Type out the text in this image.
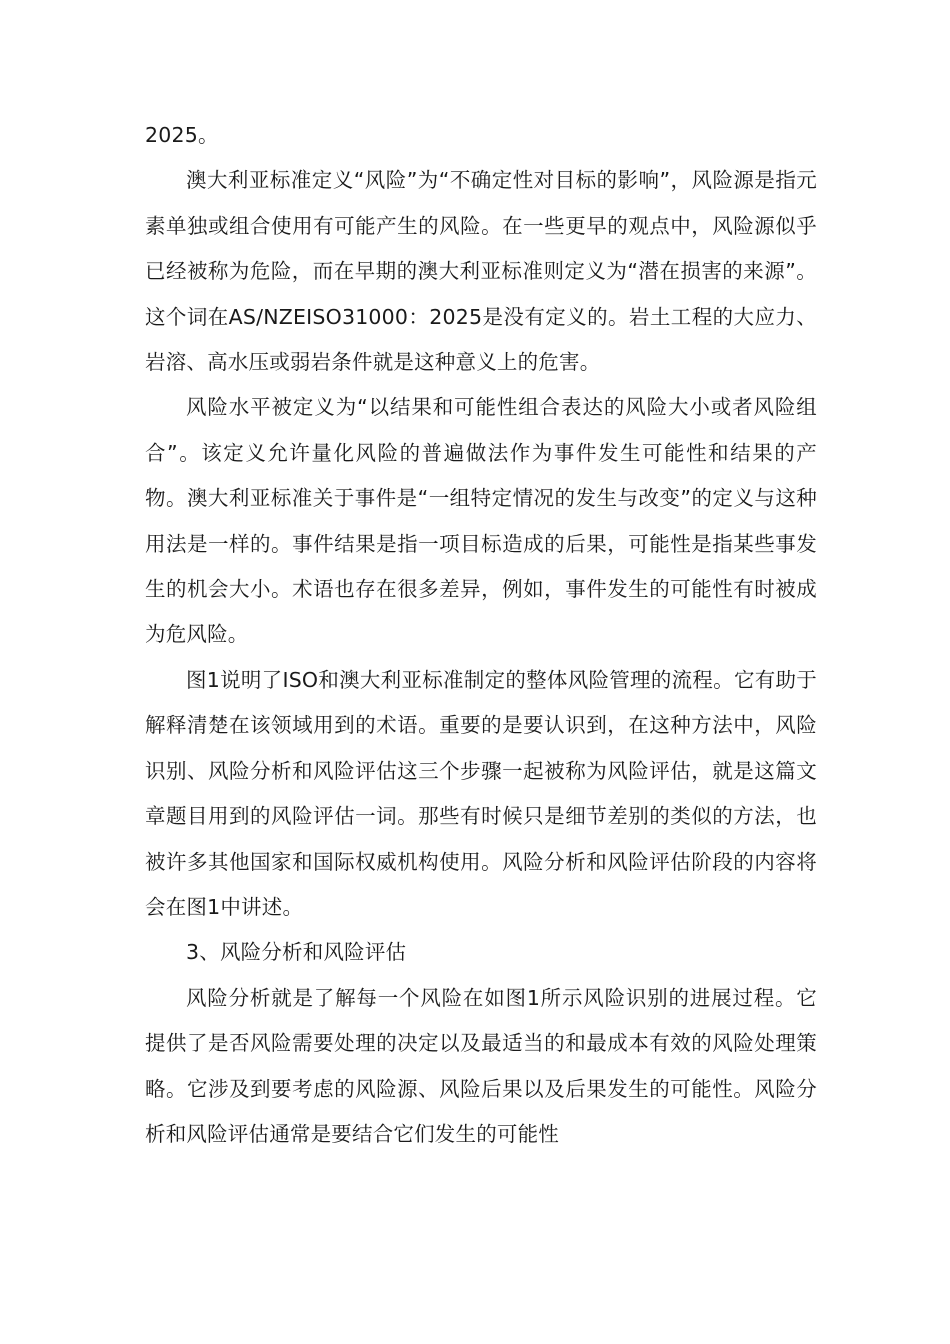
2025。

澳大利亚标准定义“风险”为“不确定性对目标的影响”，风险源是指元素单独或组合使用有可能产生的风险。在一些更早的观点中，风险源似乎已经被称为危险，而在早期的澳大利亚标准则定义为“潜在损害的来源”。这个词在AS/NZEISO31000：2025是没有定义的。岩土工程的大应力、岩溶、高水压或弱岩条件就是这种意义上的危害。

风险水平被定义为“以结果和可能性组合表达的风险大小或者风险组合”。该定义允许量化风险的普遍做法作为事件发生可能性和结果的产物。澳大利亚标准关于事件是“一组特定情况的发生与改变”的定义与这种用法是一样的。事件结果是指一项目标造成的后果，可能性是指某些事发生的机会大小。术语也存在很多差异，例如，事件发生的可能性有时被成为危风险。

图1说明了ISO和澳大利亚标准制定的整体风险管理的流程。它有助于解释清楚在该领域用到的术语。重要的是要认识到，在这种方法中，风险识别、风险分析和风险评估这三个步骤一起被称为风险评估，就是这篇文章题目用到的风险评估一词。那些有时候只是细节差别的类似的方法，也被许多其他国家和国际权威机构使用。风险分析和风险评估阶段的内容将会在图1中讲述。

3、风险分析和风险评估

风险分析就是了解每一个风险在如图1所示风险识别的进展过程。它提供了是否风险需要处理的决定以及最适当的和最成本有效的风险处理策略。它涉及到要考虑的风险源、风险后果以及后果发生的可能性。风险分析和风险评估通常是要结合它们发生的可能性
